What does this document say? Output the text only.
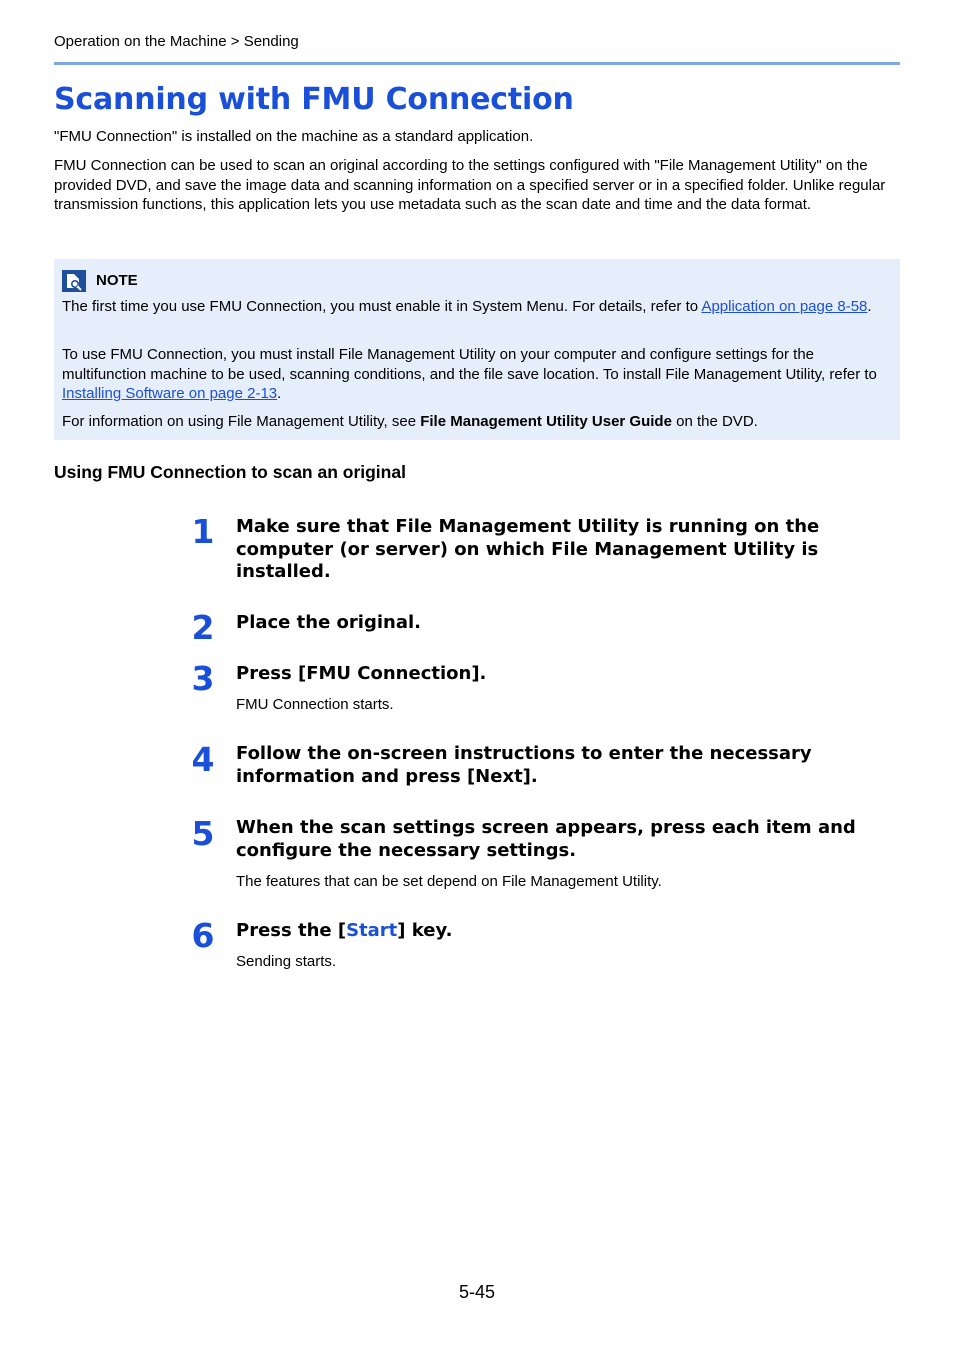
Operation on the Machine > Sending
Scanning with FMU Connection

"FMU Connection" is installed on the machine as a standard application.

FMU Connection can be used to scan an original according to the settings configured with "File Management Utility" on the provided DVD, and save the image data and scanning information on a specified server or in a specified folder. Unlike regular transmission functions, this application lets you use metadata such as the scan date and time and the data format.

NOTE

The first time you use FMU Connection, you must enable it in System Menu. For details, refer to Application on page 8-58.

To use FMU Connection, you must install File Management Utility on your computer and configure settings for the multifunction machine to be used, scanning conditions, and the file save location. To install File Management Utility, refer to Installing Software on page 2-13.

For information on using File Management Utility, see File Management Utility User Guide on the DVD.

Using FMU Connection to scan an original
1 Make sure that File Management Utility is running on the computer (or server) on which File Management Utility is installed.
2 Place the original.
3 Press [FMU Connection].
FMU Connection starts.
4 Follow the on-screen instructions to enter the necessary information and press [Next].
5 When the scan settings screen appears, press each item and configure the necessary settings.
The features that can be set depend on File Management Utility.
6 Press the [Start] key.
Sending starts.
5-45
